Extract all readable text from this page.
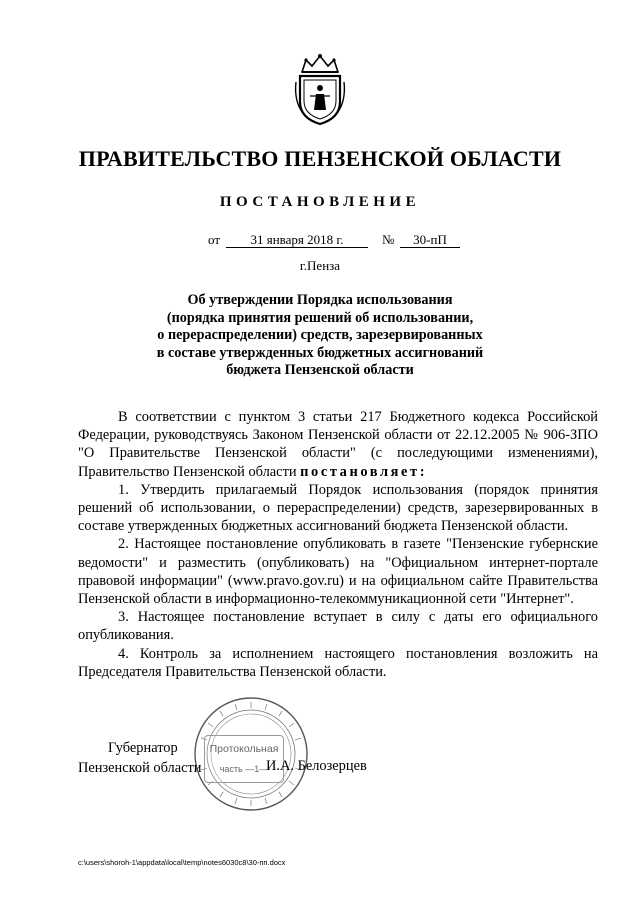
ПРАВИТЕЛЬСТВО ПЕНЗЕНСКОЙ ОБЛАСТИ
ПОСТАНОВЛЕНИЕ
от	31 января 2018 г.	№	30-пП
г.Пенза
Об утверждении Порядка использования
(порядка принятия решений об использовании,
о перераспределении) средств, зарезервированных
в составе утвержденных бюджетных ассигнований
бюджета Пензенской области

В соответствии с пунктом 3 статьи 217 Бюджетного кодекса Российской Федерации, руководствуясь Законом Пензенской области от 22.12.2005 № 906-ЗПО "О Правительстве Пензенской области" (с последующими изменениями), Правительство Пензенской области постановляет:

1. Утвердить прилагаемый Порядок использования (порядок принятия решений об использовании, о перераспределении) средств, зарезервированных в составе утвержденных бюджетных ассигнований бюджета Пензенской области.

2. Настоящее постановление опубликовать в газете "Пензенские губернские ведомости" и разместить (опубликовать) на "Официальном интернет-портале правовой информации" (www.pravo.gov.ru) и на официальном сайте Правительства Пензенской области в информационно-телекоммуникационной сети "Интернет".

3. Настоящее постановление вступает в силу с даты его официального опубликования.

4. Контроль за исполнением настоящего постановления возложить на Председателя Правительства Пензенской области.

Протокольная
часть —1—
Губернатор
Пензенской области	И.А. Белозерцев
c:\users\shoroh-1\appdata\local\temp\notes6030c8\30-пп.docx
